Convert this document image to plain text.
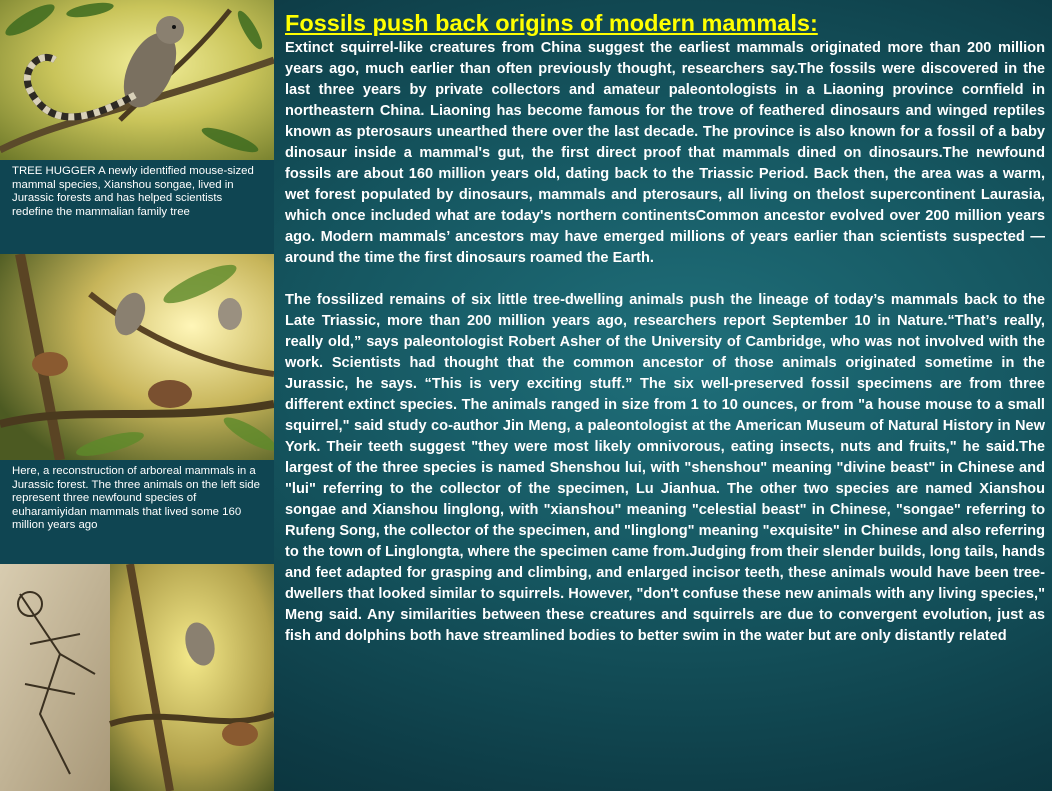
TREE HUGGER A newly identified mouse-sized mammal species, Xianshou songae, lived in Jurassic forests and has helped scientists redefine the mammalian family tree
Here, a reconstruction of arboreal mammals in a Jurassic forest. The three animals on the left side represent three newfound species of euharamiyidan mammals that lived some 160 million years ago
Fossils push back origins of modern mammals:

Extinct squirrel-like creatures from China suggest the earliest mammals originated more than 200 million years ago, much earlier than often previously thought, researchers say.The fossils were discovered in the last three years by private collectors and amateur paleontologists in a Liaoning province cornfield in northeastern China. Liaoning has become famous for the trove of feathered dinosaurs and winged reptiles known as pterosaurs unearthed there over the last decade. The province is also known for a fossil of a baby dinosaur inside a mammal's gut, the first direct proof that mammals dined on dinosaurs.The newfound fossils are about 160 million years old, dating back to the Triassic Period. Back then, the area was a warm, wet forest populated by dinosaurs, mammals and pterosaurs, all living on thelost supercontinent Laurasia, which once included what are today's northern continentsCommon ancestor evolved over 200 million years ago. Modern mammals’ ancestors may have emerged millions of years earlier than scientists suspected — around the time the first dinosaurs roamed the Earth.

The fossilized remains of six little tree-dwelling animals push the lineage of today’s mammals back to the Late Triassic, more than 200 million years ago, researchers report September 10 in Nature.“That’s really, really old,” says paleontologist Robert Asher of the University of Cambridge, who was not involved with the work. Scientists had thought that the common ancestor of those animals originated sometime in the Jurassic, he says. “This is very exciting stuff.” The six well-preserved fossil specimens are from three different extinct species. The animals ranged in size from 1 to 10 ounces, or from "a house mouse to a small squirrel," said study co-author Jin Meng, a paleontologist at the American Museum of Natural History in New York. Their teeth suggest "they were most likely omnivorous, eating insects, nuts and fruits," he said.The largest of the three species is named Shenshou lui, with "shenshou" meaning "divine beast" in Chinese and "lui" referring to the collector of the specimen, Lu Jianhua. The other two species are named Xianshou songae and Xianshou linglong, with "xianshou" meaning "celestial beast" in Chinese, "songae" referring to Rufeng Song, the collector of the specimen, and "linglong" meaning "exquisite" in Chinese and also referring to the town of Linglongta, where the specimen came from.Judging from their slender builds, long tails, hands and feet adapted for grasping and climbing, and enlarged incisor teeth, these animals would have been tree-dwellers that looked similar to squirrels. However, "don't confuse these new animals with any living species," Meng said. Any similarities between these creatures and squirrels are due to convergent evolution, just as fish and dolphins both have streamlined bodies to better swim in the water but are only distantly related
